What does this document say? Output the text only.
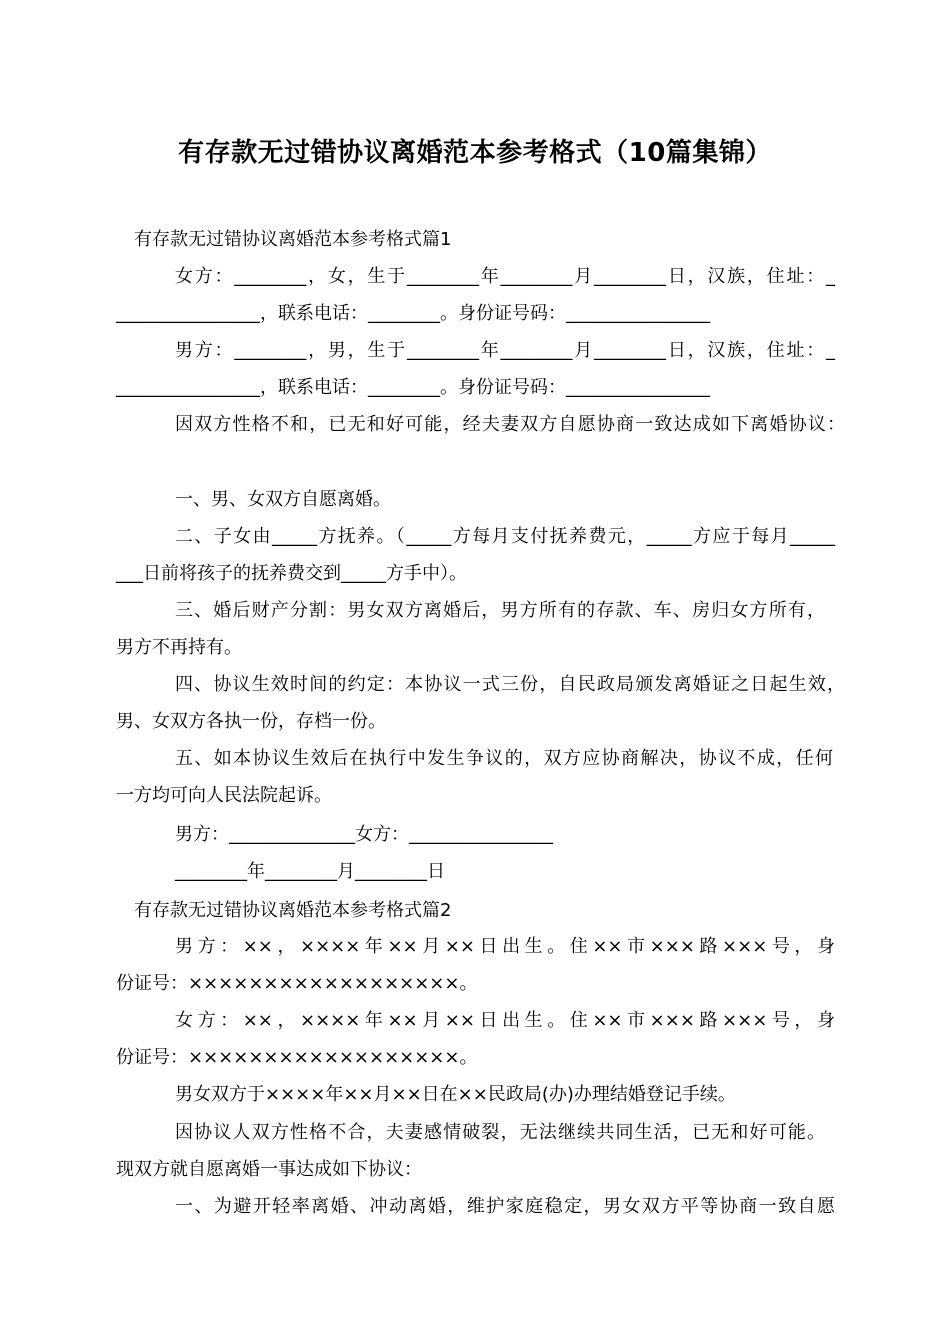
有存款无过错协议离婚范本参考格式（10篇集锦）
有存款无过错协议离婚范本参考格式篇1
女方：________，女，生于________年________月________日，汉族，住址：_
________________，联系电话：________。身份证号码：________________
男方：________，男，生于________年________月________日，汉族，住址：_
________________，联系电话：________。身份证号码：________________
因双方性格不和，已无和好可能，经夫妻双方自愿协商一致达成如下离婚协议：
一、男、女双方自愿离婚。
二、子女由_____方抚养。（_____方每月支付抚养费元，_____方应于每月_____
___日前将孩子的抚养费交到_____方手中）。
三、婚后财产分割：男女双方离婚后，男方所有的存款、车、房归女方所有，
男方不再持有。
四、协议生效时间的约定：本协议一式三份，自民政局颁发离婚证之日起生效，
男、女双方各执一份，存档一份。
五、如本协议生效后在执行中发生争议的，双方应协商解决，协议不成，任何
一方均可向人民法院起诉。
男方：______________女方：________________
________年________月________日
有存款无过错协议离婚范本参考格式篇2
男方：××，××××年××月××日出生。住××市×××路×××号，身
份证号：××××××××××××××××××。
女方：××，××××年××月××日出生。住××市×××路×××号，身
份证号：××××××××××××××××××。
男女双方于××××年××月××日在××民政局(办)办理结婚登记手续。
因协议人双方性格不合，夫妻感情破裂，无法继续共同生活，已无和好可能。
现双方就自愿离婚一事达成如下协议：
一、为避开轻率离婚、冲动离婚，维护家庭稳定，男女双方平等协商一致自愿
